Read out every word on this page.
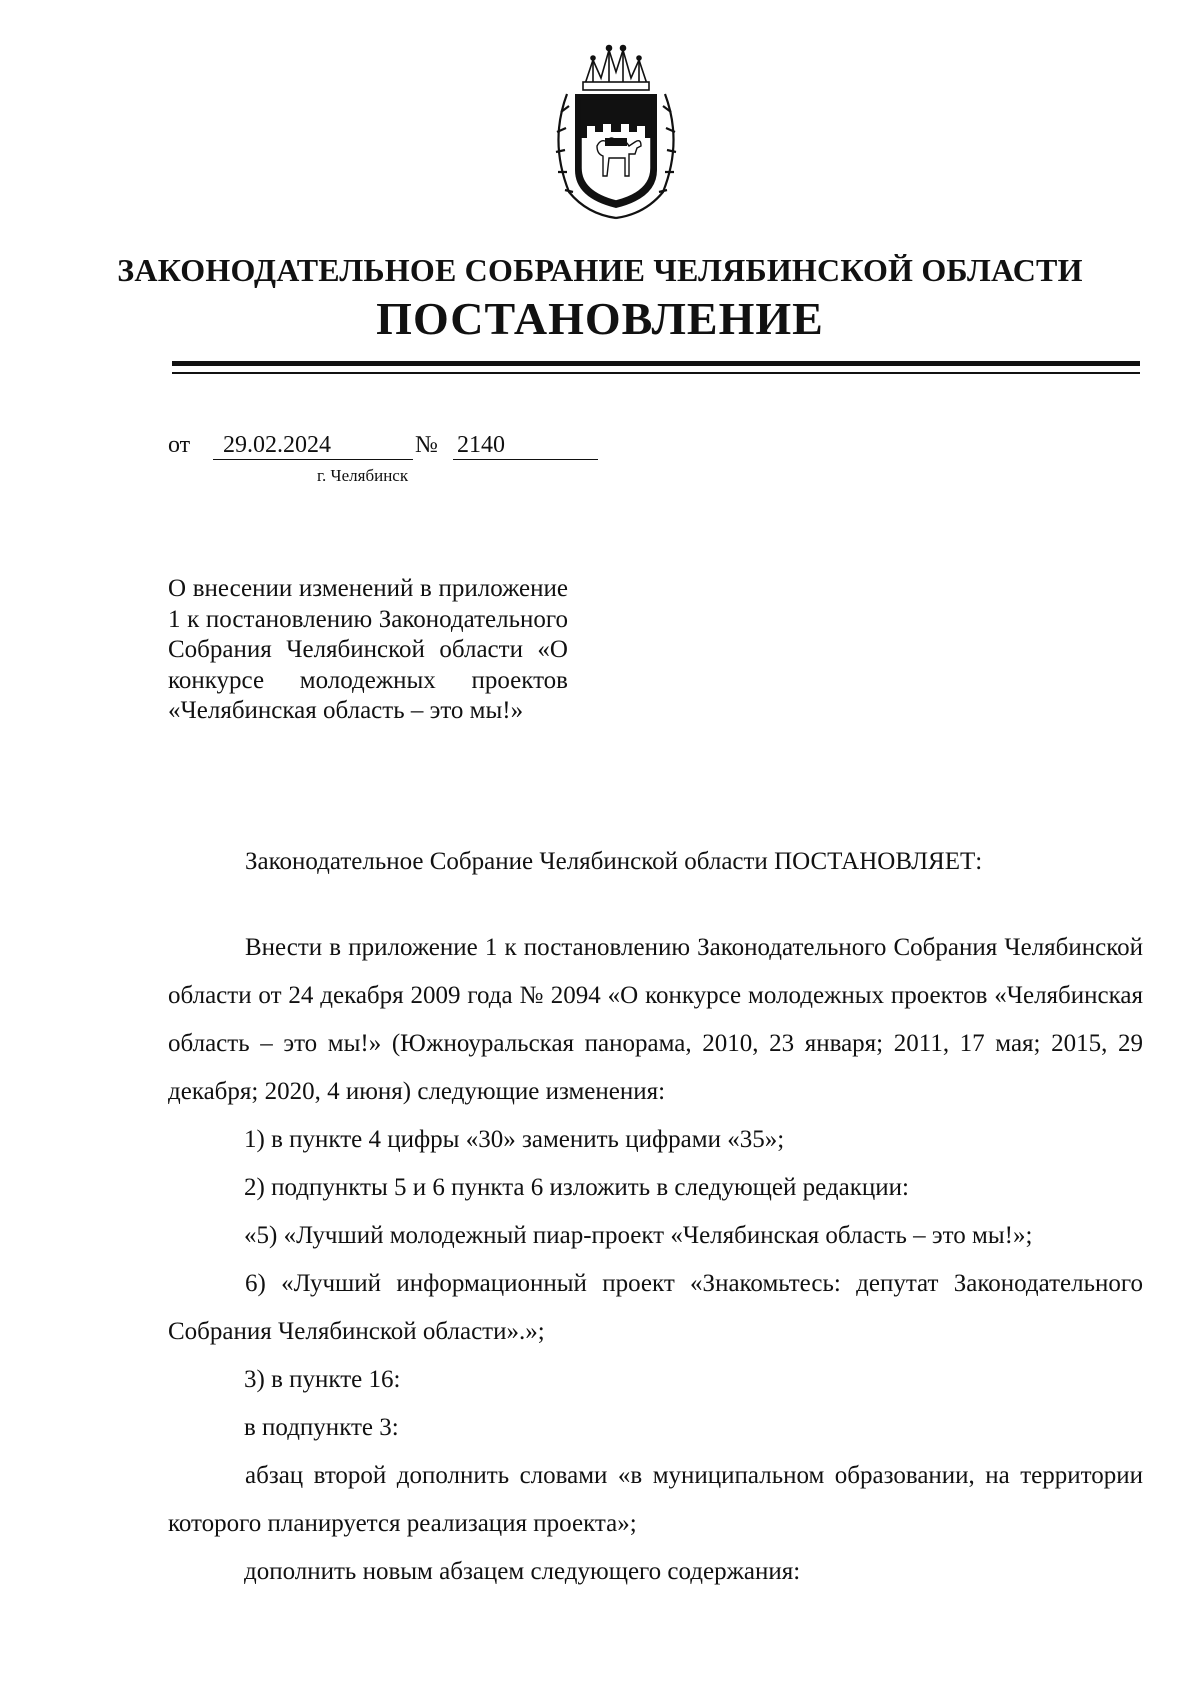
ЗАКОНОДАТЕЛЬНОЕ СОБРАНИЕ ЧЕЛЯБИНСКОЙ ОБЛАСТИ
ПОСТАНОВЛЕНИЕ
от	29.02.2024	№ 2140
г. Челябинск
О внесении изменений в приложение 1 к постановлению Законодательного Собрания Челябинской области «О конкурсе молодежных проектов «Челябинская область – это мы!»
Законодательное Собрание Челябинской области ПОСТАНОВЛЯЕТ:

Внести в приложение 1 к постановлению Законодательного Собрания Челябинской области от 24 декабря 2009 года № 2094 «О конкурсе молодежных проектов «Челябинская область – это мы!» (Южноуральская панорама, 2010, 23 января; 2011, 17 мая; 2015, 29 декабря; 2020, 4 июня) следующие изменения:

1) в пункте 4 цифры «30» заменить цифрами «35»;

2) подпункты 5 и 6 пункта 6 изложить в следующей редакции:

«5) «Лучший молодежный пиар-проект «Челябинская область – это мы!»;

6) «Лучший информационный проект «Знакомьтесь: депутат Законодательного Собрания Челябинской области».»;

3) в пункте 16:

в подпункте 3:

абзац второй дополнить словами «в муниципальном образовании, на территории которого планируется реализация проекта»;

дополнить новым абзацем следующего содержания:
